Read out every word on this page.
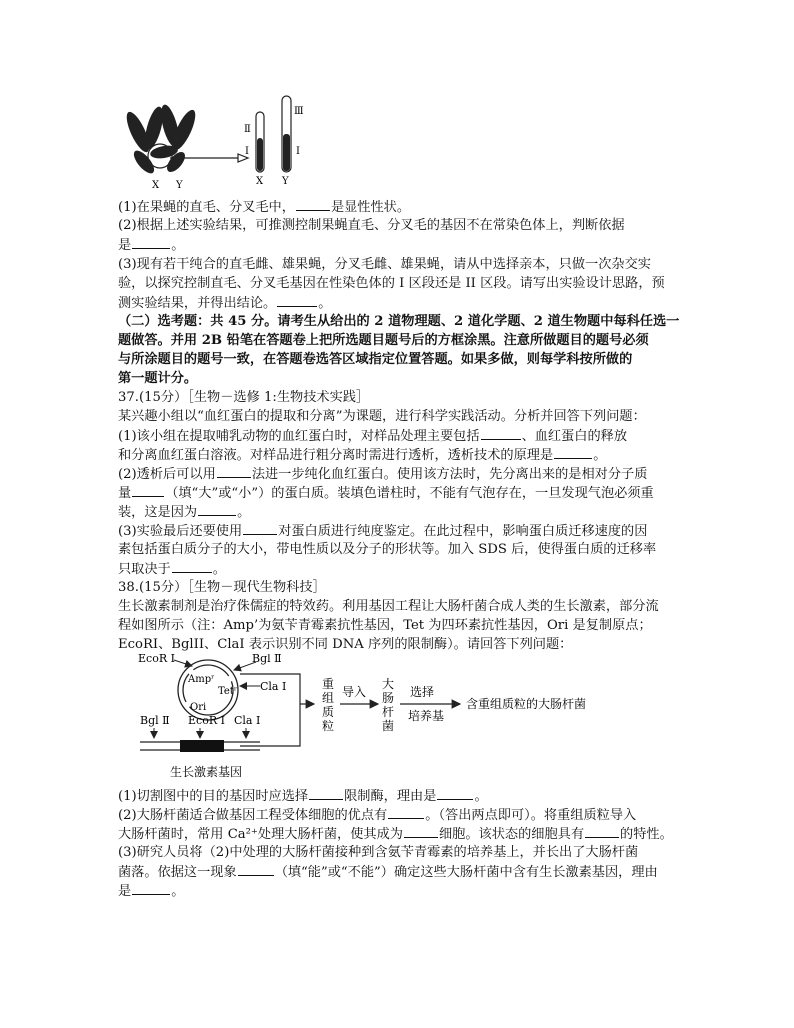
Ⅱ
Ⅰ
Ⅲ
Ⅰ
X Y	X Y
(1)在果蝇的直毛、分叉毛中，	是显性性状。
(2)根据上述实验结果，可推测控制果蝇直毛、分叉毛的基因不在常染色体上，判断依据
是	。
(3)现有若干纯合的直毛雌、雄果蝇，分叉毛雌、雄果蝇，请从中选择亲本，只做一次杂交实
验，以探究控制直毛、分叉毛基因在性染色体的 I 区段还是 II 区段。请写出实验设计思路，预
测实验结果，并得出结论。	。
（二）选考题：共 45 分。请考生从给出的 2 道物理题、2 道化学题、2 道生物题中每科任选一
题做答。并用 2B 铅笔在答题卷上把所选题目题号后的方框涂黑。注意所做题目的题号必须
与所涂题目的题号一致，在答题卷选答区域指定位置答题。如果多做，则每学科按所做的
第一题计分。
37.(15分）［生物－选修 1:生物技术实践］
某兴趣小组以“血红蛋白的提取和分离”为课题，进行科学实践活动。分析并回答下列问题：
(1)该小组在提取哺乳动物的血红蛋白时，对样品处理主要包括	、血红蛋白的释放
和分离血红蛋白溶液。对样品进行粗分离时需进行透析，透析技术的原理是	。
(2)透析后可以用	法进一步纯化血红蛋白。使用该方法时，先分离出来的是相对分子质
量	（填“大”或“小”）的蛋白质。装填色谱柱时，不能有气泡存在，一旦发现气泡必须重
装，这是因为	。
(3)实验最后还要使用	对蛋白质进行纯度鉴定。在此过程中，影响蛋白质迁移速度的因
素包括蛋白质分子的大小，带电性质以及分子的形状等。加入 SDS 后，使得蛋白质的迁移率
只取决于	。
38.(15分）［生物－现代生物科技］
生长激素制剂是治疗侏儒症的特效药。利用基因工程让大肠杆菌合成人类的生长激素，部分流
程如图所示（注：Amp’为氨苄青霉素抗性基因，Tet 为四环素抗性基因，Ori 是复制原点；
EcoRI、BglII、ClaI 表示识别不同 DNA 序列的限制酶）。请回答下列问题：
EcoR Ⅰ	Bgl Ⅱ
Ampʳ
Tetʳ
Ori
Cla Ⅰ
Bgl Ⅱ EcoR Ⅰ Cla Ⅰ
生长激素基因
重
组
质
粒
导入
大
肠
杆
菌
选择
培养基
含重组质粒的大肠杆菌
(1)切割图中的目的基因时应选择	限制酶，理由是	。
(2)大肠杆菌适合做基因工程受体细胞的优点有	。（答出两点即可）。将重组质粒导入
大肠杆菌时，常用 Ca²⁺处理大肠杆菌，使其成为	细胞。该状态的细胞具有	的特性。
(3)研究人员将（2)中处理的大肠杆菌接种到含氨苄青霉素的培养基上，并长出了大肠杆菌
菌落。依据这一现象	（填“能”或“不能”）确定这些大肠杆菌中含有生长激素基因，理由
是	。
